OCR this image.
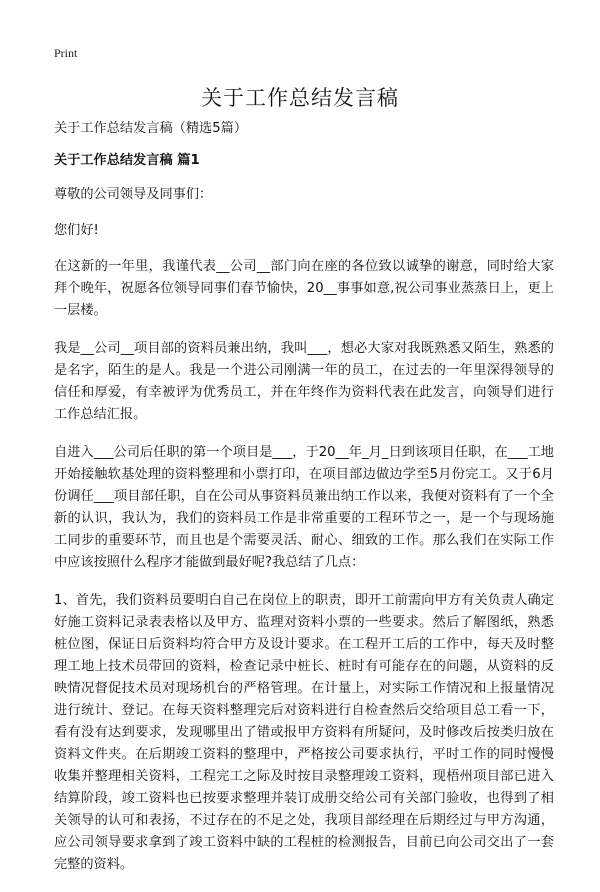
Print
关于工作总结发言稿

关于工作总结发言稿（精选5篇）

关于工作总结发言稿 篇1

尊敬的公司领导及同事们：

您们好!

在这新的一年里，我谨代表__公司__部门向在座的各位致以诚挚的谢意，同时给大家拜个晚年，祝愿各位领导同事们春节愉快，20__事事如意,祝公司事业蒸蒸日上，更上一层楼。

我是__公司__项目部的资料员兼出纳，我叫___，想必大家对我既熟悉又陌生，熟悉的是名字，陌生的是人。我是一个进公司刚满一年的员工，在过去的一年里深得领导的信任和厚爱，有幸被评为优秀员工，并在年终作为资料代表在此发言，向领导们进行工作总结汇报。

自进入___公司后任职的第一个项目是___，于20__年_月_日到该项目任职，在___工地开始接触软基处理的资料整理和小票打印，在项目部边做边学至5月份完工。又于6月份调任___项目部任职，自在公司从事资料员兼出纳工作以来，我便对资料有了一个全新的认识，我认为，我们的资料员工作是非常重要的工程环节之一，是一个与现场施工同步的重要环节，而且也是个需要灵活、耐心、细致的工作。那么我们在实际工作中应该按照什么程序才能做到最好呢?我总结了几点：

1、首先，我们资料员要明白自己在岗位上的职责，即开工前需向甲方有关负责人确定好施工资料记录表表格以及甲方、监理对资料小票的一些要求。然后了解图纸，熟悉桩位图，保证日后资料均符合甲方及设计要求。在工程开工后的工作中，每天及时整理工地上技术员带回的资料，检查记录中桩长、桩时有可能存在的问题，从资料的反映情况督促技术员对现场机台的严格管理。在计量上，对实际工作情况和上报量情况进行统计、登记。在每天资料整理完后对资料进行自检查然后交给项目总工看一下，看有没有达到要求，发现哪里出了错或报甲方资料有所疑问，及时修改后按类归放在资料文件夹。在后期竣工资料的整理中，严格按公司要求执行，平时工作的同时慢慢收集并整理相关资料，工程完工之际及时按目录整理竣工资料，现梧州项目部已进入结算阶段，竣工资料也已按要求整理并装订成册交给公司有关部门验收，也得到了相关领导的认可和表扬，不过存在的不足之处，我项目部经理在后期经过与甲方沟通，应公司领导要求拿到了竣工资料中缺的工程桩的检测报告，目前已向公司交出了一套完整的资料。
